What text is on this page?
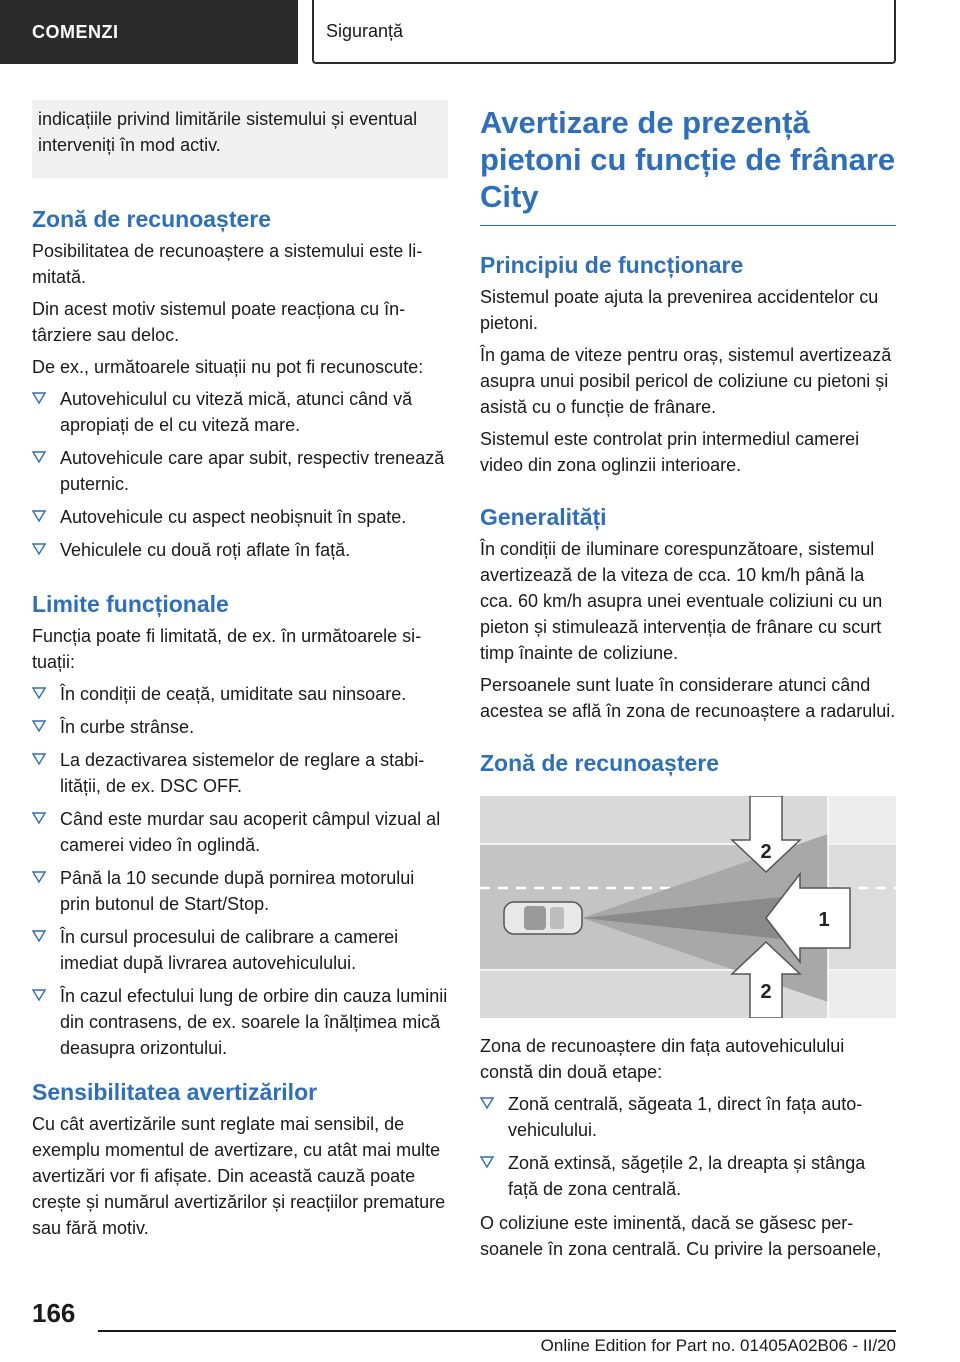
COMENZI	Siguranță
indicațiile privind limitările sistemului și eventual interveniți în mod activ.
Zonă de recunoaștere

Posibilitatea de recunoaștere a sistemului este limitată.

Din acest motiv sistemul poate reacționa cu întârziere sau deloc.

De ex., următoarele situații nu pot fi recunoscute:

Autovehiculul cu viteză mică, atunci când vă apropiați de el cu viteză mare.
Autovehicule care apar subit, respectiv trenează puternic.
Autovehicule cu aspect neobișnuit în spate.
Vehiculele cu două roți aflate în față.
Limite funcționale

Funcția poate fi limitată, de ex. în următoarele situații:

În condiții de ceață, umiditate sau ninsoare.
În curbe strânse.
La dezactivarea sistemelor de reglare a stabilității, de ex. DSC OFF.
Când este murdar sau acoperit câmpul vizual al camerei video în oglindă.
Până la 10 secunde după pornirea motorului prin butonul de Start/Stop.
În cursul procesului de calibrare a camerei imediat după livrarea autovehiculului.
În cazul efectului lung de orbire din cauza luminii din contrasens, de ex. soarele la înălțimea mică deasupra orizontului.
Sensibilitatea avertizărilor

Cu cât avertizările sunt reglate mai sensibil, de exemplu momentul de avertizare, cu atât mai multe avertizări vor fi afișate. Din această cauză poate crește și numărul avertizărilor și reacțiilor premature sau fără motiv.

Avertizare de prezență pietoni cu funcție de frânare City
Principiu de funcționare

Sistemul poate ajuta la prevenirea accidentelor cu pietoni.

În gama de viteze pentru oraș, sistemul avertizează asupra unui posibil pericol de coliziune cu pietoni și asistă cu o funcție de frânare.

Sistemul este controlat prin intermediul camerei video din zona oglinzii interioare.

Generalități

În condiții de iluminare corespunzătoare, sistemul avertizează de la viteza de cca. 10 km/h până la cca. 60 km/h asupra unei eventuale coliziuni cu un pieton și stimulează intervenția de frânare cu scurt timp înainte de coliziune.

Persoanele sunt luate în considerare atunci când acestea se află în zona de recunoaștere a radarului.

Zonă de recunoaștere
2
1
2

Zona de recunoaștere din fața autovehiculului constă din două etape:

Zonă centrală, săgeata 1, direct în fața autovehiculului.
Zonă extinsă, săgețile 2, la dreapta și stânga față de zona centrală.

O coliziune este iminentă, dacă se găsesc persoanele în zona centrală. Cu privire la persoanele,

166
Online Edition for Part no. 01405A02B06 - II/20
